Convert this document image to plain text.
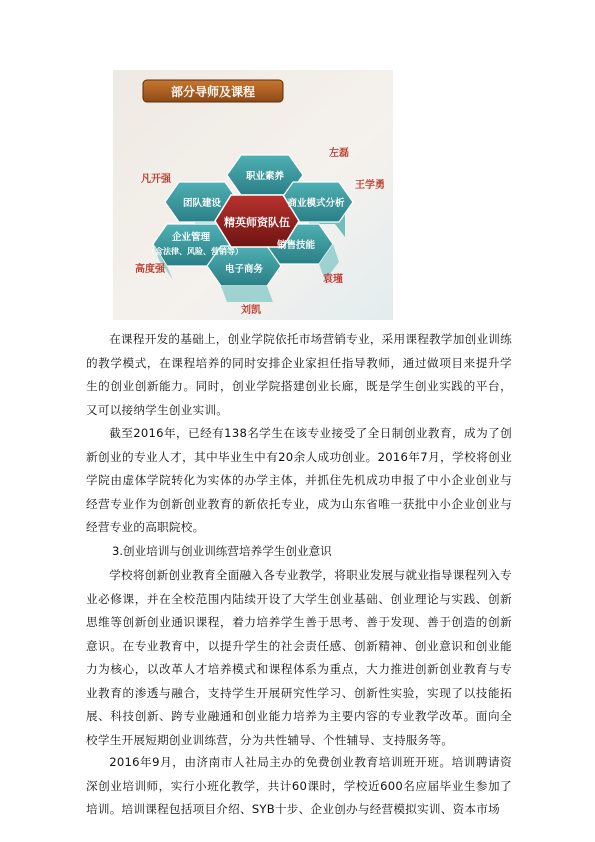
部分导师及课程
职业素养
团队建设	商业模式分析
企业管理
（含法律、风险、营销等）
销售技能
电子商务
精英师资队伍
左磊
凡开强
王学勇
高度强
袁瑾
刘凯

在课程开发的基础上，创业学院依托市场营销专业，采用课程教学加创业训练的教学模式，在课程培养的同时安排企业家担任指导教师，通过做项目来提升学生的创业创新能力。同时，创业学院搭建创业长廊，既是学生创业实践的平台，又可以接纳学生创业实训。

截至2016年，已经有138名学生在该专业接受了全日制创业教育，成为了创新创业的专业人才，其中毕业生中有20余人成功创业。2016年7月，学校将创业学院由虚体学院转化为实体的办学主体，并抓住先机成功申报了中小企业创业与经营专业作为创新创业教育的新依托专业，成为山东省唯一获批中小企业创业与经营专业的高职院校。

3.创业培训与创业训练营培养学生创业意识

学校将创新创业教育全面融入各专业教学，将职业发展与就业指导课程列入专业必修课，并在全校范围内陆续开设了大学生创业基础、创业理论与实践、创新思维等创新创业通识课程，着力培养学生善于思考、善于发现、善于创造的创新意识。在专业教育中，以提升学生的社会责任感、创新精神、创业意识和创业能力为核心，以改革人才培养模式和课程体系为重点，大力推进创新创业教育与专业教育的渗透与融合，支持学生开展研究性学习、创新性实验，实现了以技能拓展、科技创新、跨专业融通和创业能力培养为主要内容的专业教学改革。面向全校学生开展短期创业训练营，分为共性辅导、个性辅导、支持服务等。

2016年9月，由济南市人社局主办的免费创业教育培训班开班。培训聘请资深创业培训师，实行小班化教学，共计60课时，学校近600名应届毕业生参加了培训。培训课程包括项目介绍、SYB十步、企业创办与经营模拟实训、资本市场
